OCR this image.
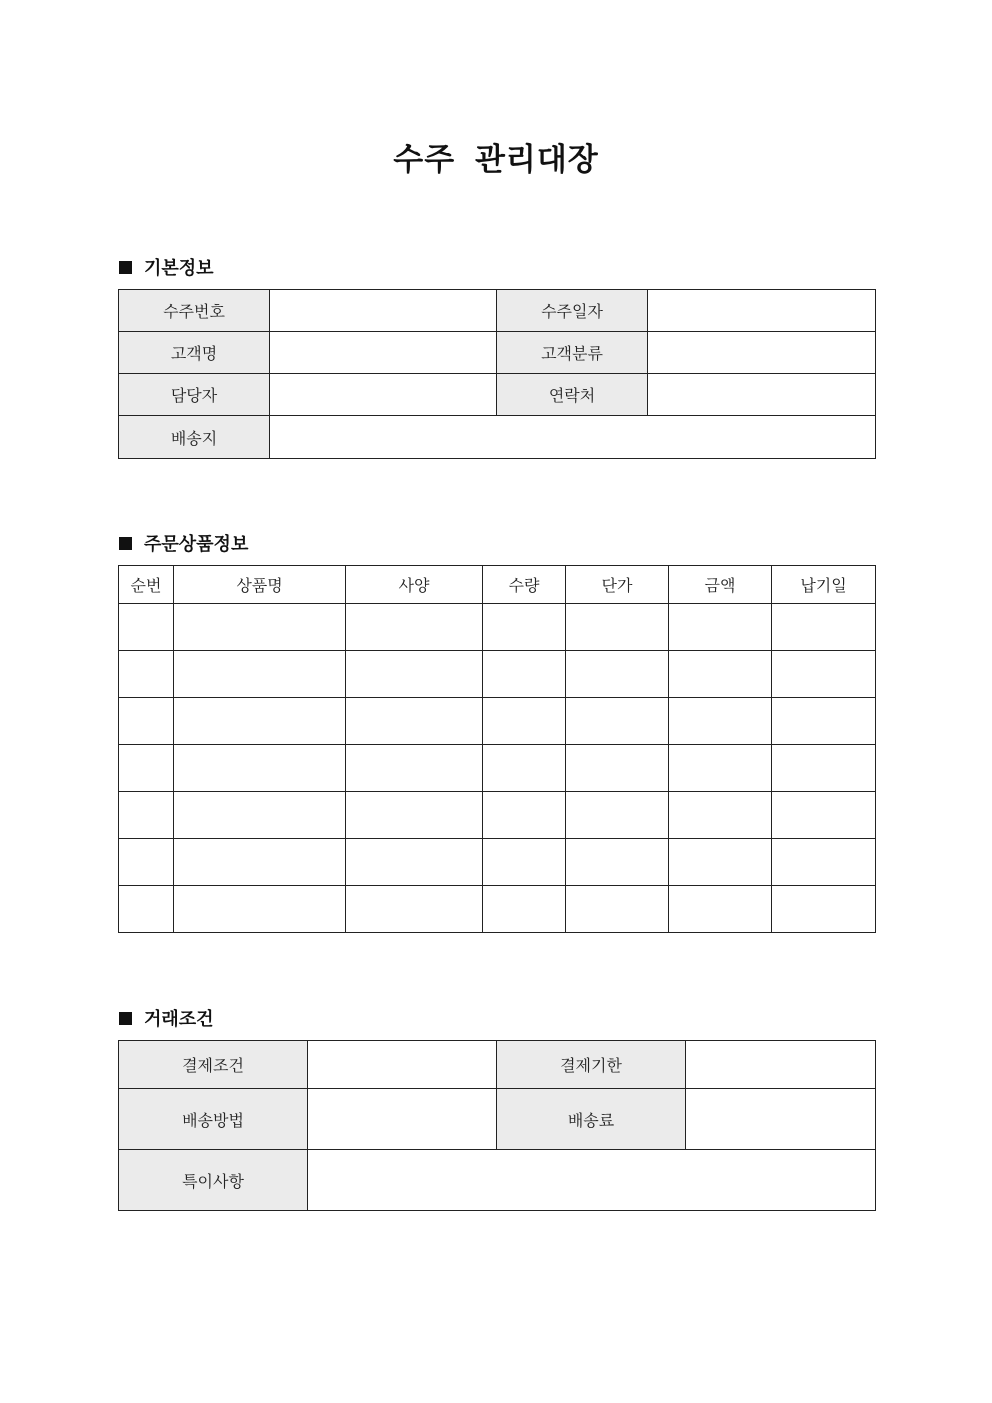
수주 관리대장
기본정보
수주번호		수주일자	
고객명		고객분류	
담당자		연락처	
배송지			
주문상품정보
순번	상품명	사양	수량	단가	금액	납기일

거래조건
결제조건		결제기한	
배송방법		배송료	
특이사항			
